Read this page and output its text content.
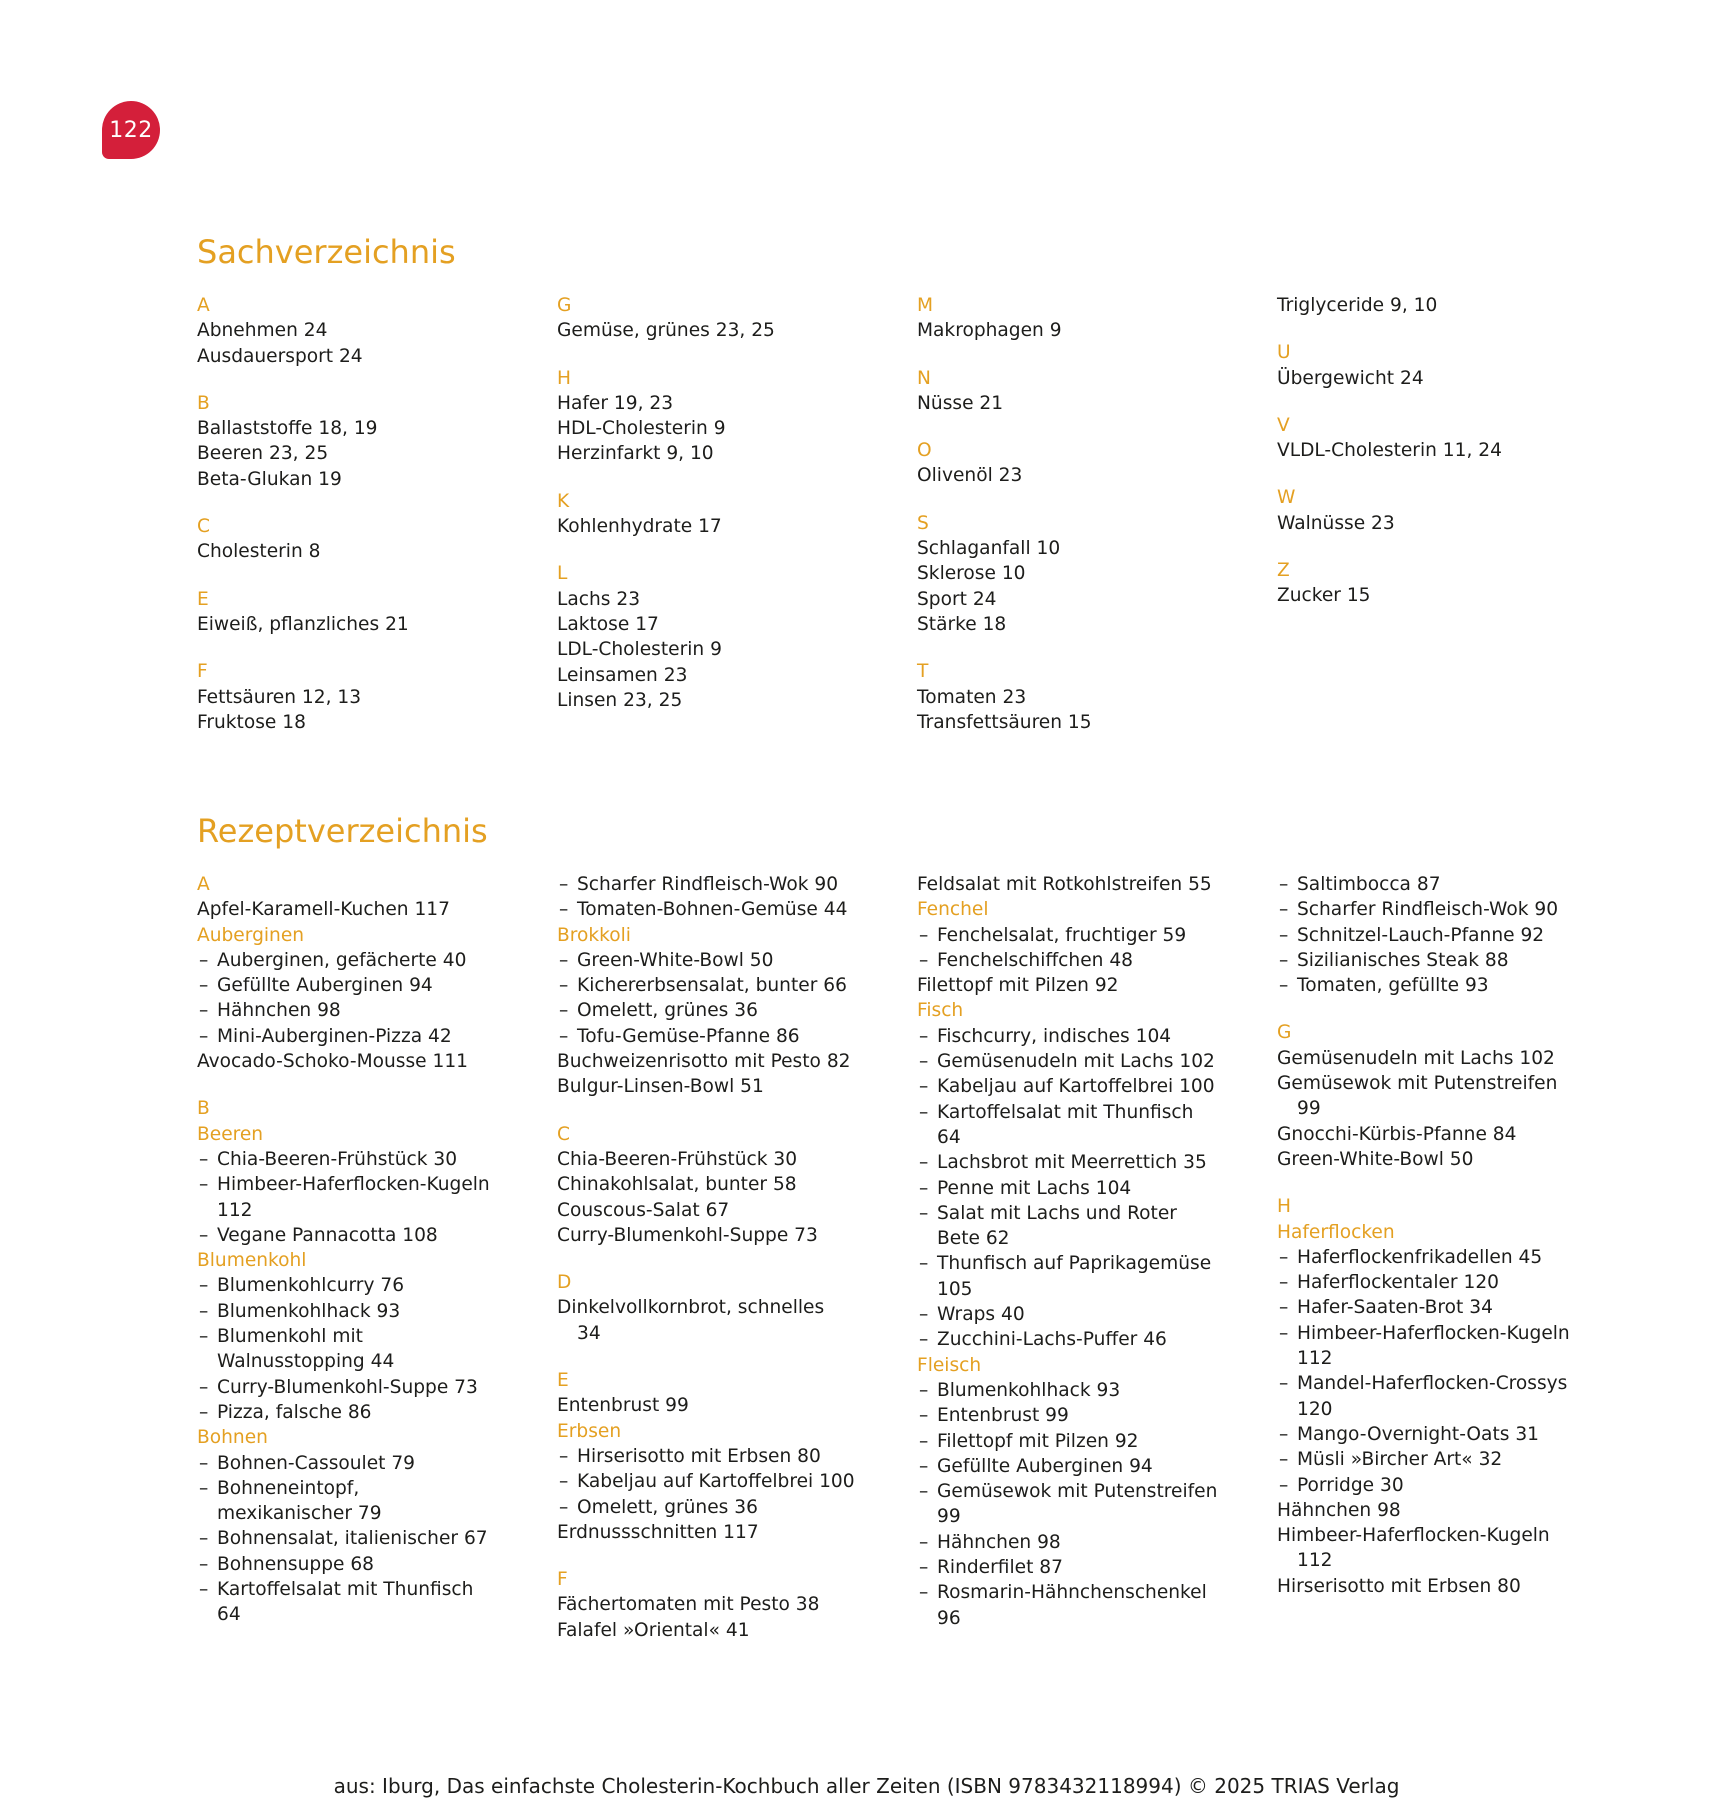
122
Sachverzeichnis
A
Abnehmen 24
Ausdauersport 24
B
Ballaststoffe 18, 19
Beeren 23, 25
Beta-Glukan 19
C
Cholesterin 8
E
Eiweiß, pflanzliches 21
F
Fettsäuren 12, 13
Fruktose 18
G
Gemüse, grünes 23, 25
H
Hafer 19, 23
HDL-Cholesterin 9
Herzinfarkt 9, 10
K
Kohlenhydrate 17
L
Lachs 23
Laktose 17
LDL-Cholesterin 9
Leinsamen 23
Linsen 23, 25
M
Makrophagen 9
N
Nüsse 21
O
Olivenöl 23
S
Schlaganfall 10
Sklerose 10
Sport 24
Stärke 18
T
Tomaten 23
Transfettsäuren 15
Triglyceride 9, 10
U
Übergewicht 24
V
VLDL-Cholesterin 11, 24
W
Walnüsse 23
Z
Zucker 15
Rezeptverzeichnis
A
Apfel-Karamell-Kuchen 117
Auberginen
– Auberginen, gefächerte 40
– Gefüllte Auberginen 94
– Hähnchen 98
– Mini-Auberginen-Pizza 42
Avocado-Schoko-Mousse 111
B
Beeren
– Chia-Beeren-Frühstück 30
– Himbeer-Haferflocken-Kugeln
112
– Vegane Pannacotta 108
Blumenkohl
– Blumenkohlcurry 76
– Blumenkohlhack 93
– Blumenkohl mit
Walnusstopping 44
– Curry-Blumenkohl-Suppe 73
– Pizza, falsche 86
Bohnen
– Bohnen-Cassoulet 79
– Bohneneintopf,
mexikanischer 79
– Bohnensalat, italienischer 67
– Bohnensuppe 68
– Kartoffelsalat mit Thunfisch
64
– Scharfer Rindfleisch-Wok 90
– Tomaten-Bohnen-Gemüse 44
Brokkoli
– Green-White-Bowl 50
– Kichererbsensalat, bunter 66
– Omelett, grünes 36
– Tofu-Gemüse-Pfanne 86
Buchweizenrisotto mit Pesto 82
Bulgur-Linsen-Bowl 51
C
Chia-Beeren-Frühstück 30
Chinakohlsalat, bunter 58
Couscous-Salat 67
Curry-Blumenkohl-Suppe 73
D
Dinkelvollkornbrot, schnelles
34
E
Entenbrust 99
Erbsen
– Hirserisotto mit Erbsen 80
– Kabeljau auf Kartoffelbrei 100
– Omelett, grünes 36
Erdnussschnitten 117
F
Fächertomaten mit Pesto 38
Falafel »Oriental« 41
Feldsalat mit Rotkohlstreifen 55
Fenchel
– Fenchelsalat, fruchtiger 59
– Fenchelschiffchen 48
Filettopf mit Pilzen 92
Fisch
– Fischcurry, indisches 104
– Gemüsenudeln mit Lachs 102
– Kabeljau auf Kartoffelbrei 100
– Kartoffelsalat mit Thunfisch
64
– Lachsbrot mit Meerrettich 35
– Penne mit Lachs 104
– Salat mit Lachs und Roter
Bete 62
– Thunfisch auf Paprikagemüse
105
– Wraps 40
– Zucchini-Lachs-Puffer 46
Fleisch
– Blumenkohlhack 93
– Entenbrust 99
– Filettopf mit Pilzen 92
– Gefüllte Auberginen 94
– Gemüsewok mit Putenstreifen
99
– Hähnchen 98
– Rinderfilet 87
– Rosmarin-Hähnchenschenkel
96
– Saltimbocca 87
– Scharfer Rindfleisch-Wok 90
– Schnitzel-Lauch-Pfanne 92
– Sizilianisches Steak 88
– Tomaten, gefüllte 93
G
Gemüsenudeln mit Lachs 102
Gemüsewok mit Putenstreifen
99
Gnocchi-Kürbis-Pfanne 84
Green-White-Bowl 50
H
Haferflocken
– Haferflockenfrikadellen 45
– Haferflockentaler 120
– Hafer-Saaten-Brot 34
– Himbeer-Haferflocken-Kugeln
112
– Mandel-Haferflocken-Crossys
120
– Mango-Overnight-Oats 31
– Müsli »Bircher Art« 32
– Porridge 30
Hähnchen 98
Himbeer-Haferflocken-Kugeln
112
Hirserisotto mit Erbsen 80
aus: Iburg, Das einfachste Cholesterin-Kochbuch aller Zeiten (ISBN 9783432118994) © 2025 TRIAS Verlag
